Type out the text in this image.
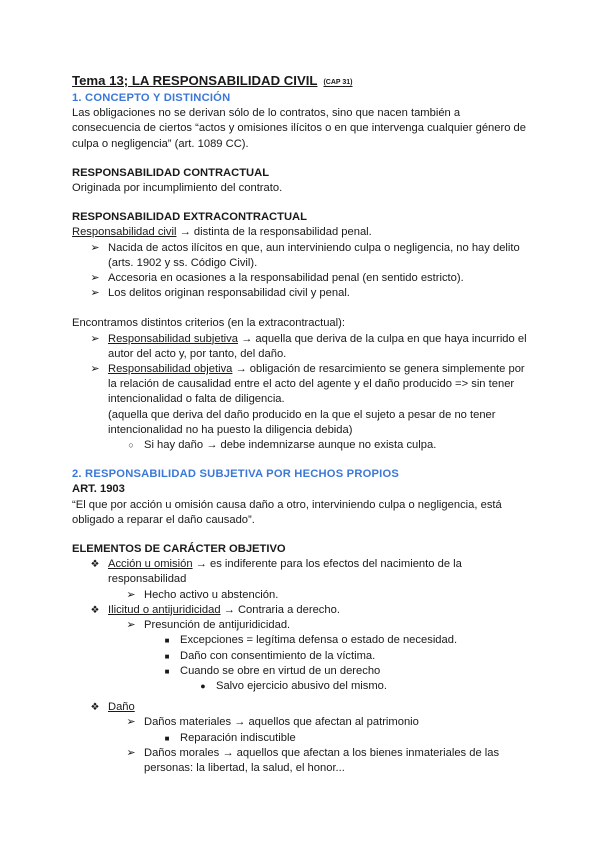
Tema 13; LA RESPONSABILIDAD CIVIL (CAP 31)
1. CONCEPTO Y DISTINCIÓN
Las obligaciones no se derivan sólo de lo contratos, sino que nacen también a
consecuencia de ciertos “actos y omisiones ilícitos o en que intervenga cualquier género de
culpa o negligencia” (art. 1089 CC).
RESPONSABILIDAD CONTRACTUAL
Originada por incumplimiento del contrato.
RESPONSABILIDAD EXTRACONTRACTUAL
Responsabilidad civil → distinta de la responsabilidad penal.
➢ Nacida de actos ilícitos en que, aun interviniendo culpa o negligencia, no hay delito
(arts. 1902 y ss. Código Civil).
➢ Accesoria en ocasiones a la responsabilidad penal (en sentido estricto).
➢ Los delitos originan responsabilidad civil y penal.
Encontramos distintos criterios (en la extracontractual):
➢ Responsabilidad subjetiva → aquella que deriva de la culpa en que haya incurrido el
autor del acto y, por tanto, del daño.
➢ Responsabilidad objetiva → obligación de resarcimiento se genera simplemente por
la relación de causalidad entre el acto del agente y el daño producido => sin tener
intencionalidad o falta de diligencia.
(aquella que deriva del daño producido en la que el sujeto a pesar de no tener
intencionalidad no ha puesto la diligencia debida)
○ Si hay daño → debe indemnizarse aunque no exista culpa.
2. RESPONSABILIDAD SUBJETIVA POR HECHOS PROPIOS
ART. 1903
“El que por acción u omisión causa daño a otro, interviniendo culpa o negligencia, está
obligado a reparar el daño causado”.
ELEMENTOS DE CARÁCTER OBJETIVO
❖ Acción u omisión → es indiferente para los efectos del nacimiento de la
responsabilidad
➢ Hecho activo u abstención.
❖ Ilicitud o antijuridicidad → Contraria a derecho.
➢ Presunción de antijuridicidad.
■ Excepciones = legítima defensa o estado de necesidad.
■ Daño con consentimiento de la víctima.
■ Cuando se obre en virtud de un derecho
● Salvo ejercicio abusivo del mismo.
❖ Daño
➢ Daños materiales → aquellos que afectan al patrimonio
■ Reparación indiscutible
➢ Daños morales → aquellos que afectan a los bienes inmateriales de las
personas: la libertad, la salud, el honor...
